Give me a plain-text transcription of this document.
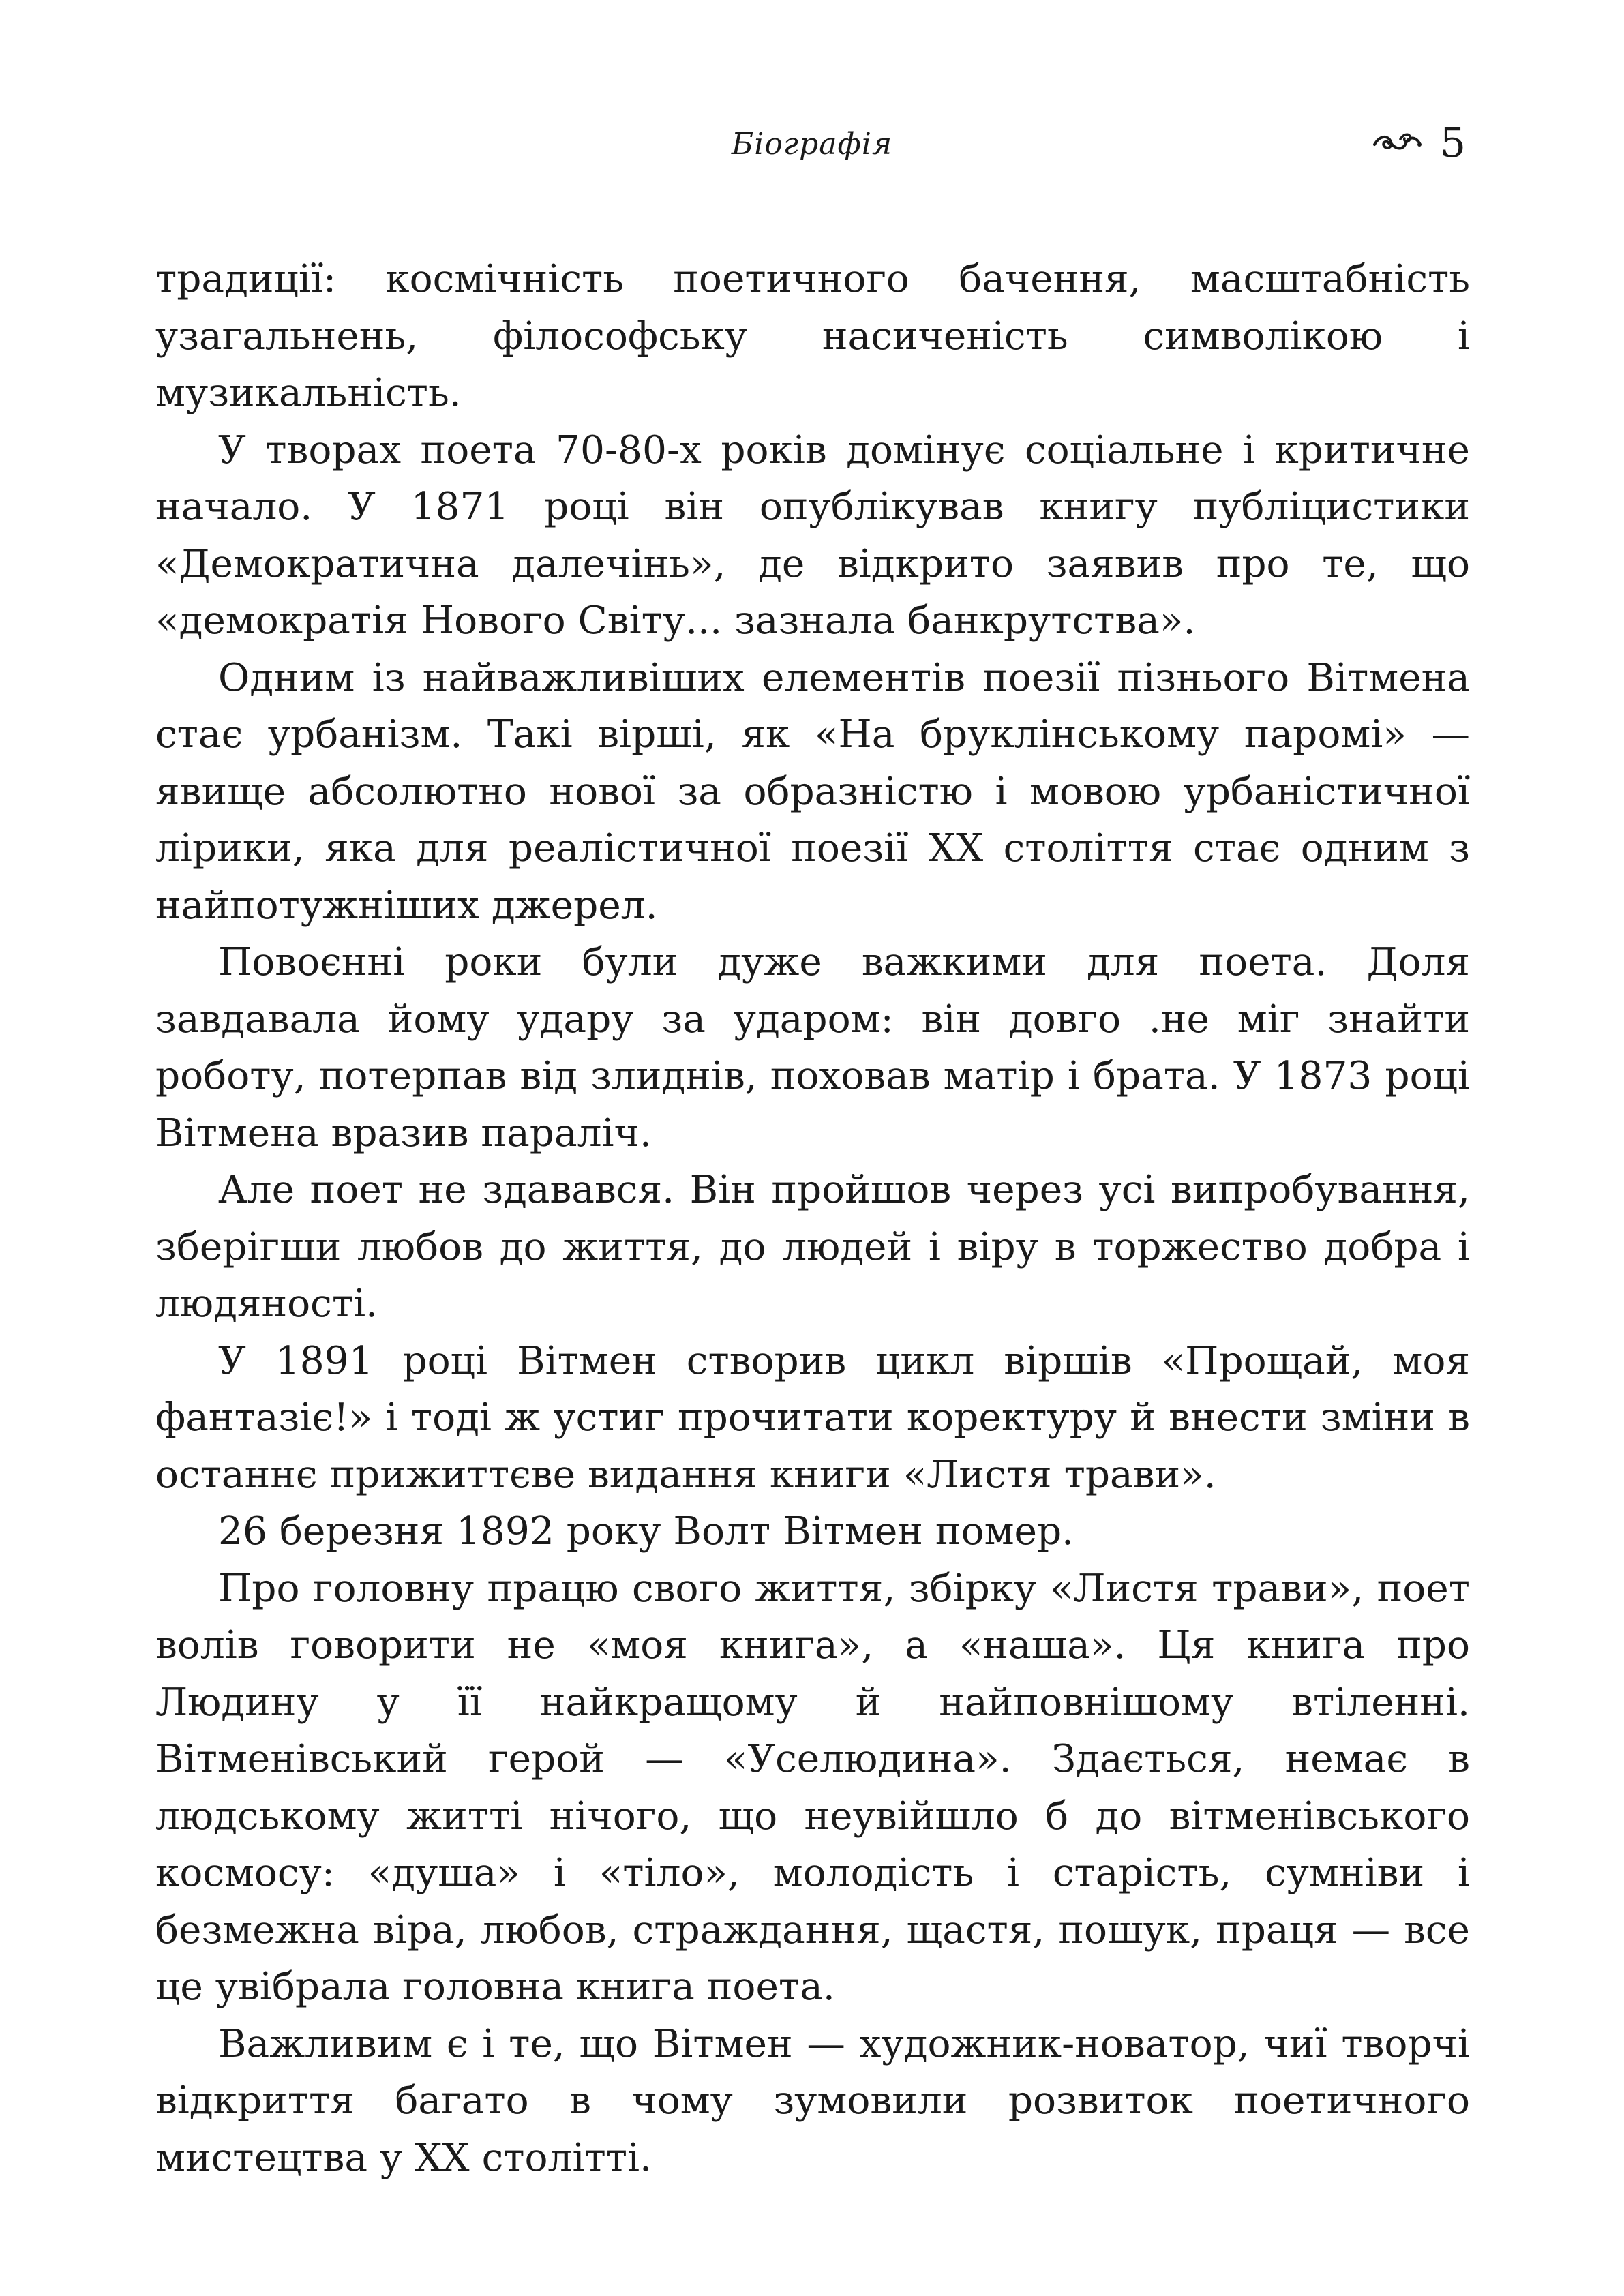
Біографія	5

традиції: космічність поетичного бачення, масштабність узагальнень, філософську насиченість символікою і музикальність.

У творах поета 70-80-х років домінує соціальне і критичне начало. У 1871 році він опублікував книгу публіцистики «Демократична далечінь», де відкрито заявив про те, що «демократія Нового Світу... зазнала банкрутства».

Одним із найважливіших елементів поезії пізнього Вітмена стає урбанізм. Такі вірші, як «На бруклінському паромі» — явище абсолютно нової за образністю і мовою урбаністичної лірики, яка для реалістичної поезії XX століття стає одним з найпотужніших джерел.

Повоєнні роки були дуже важкими для поета. Доля завдавала йому удару за ударом: він довго .не міг знайти роботу, потерпав від злиднів, поховав матір і брата. У 1873 році Вітмена вразив параліч.

Але поет не здавався. Він пройшов через усі випробування, зберігши любов до життя, до людей і віру в торжество добра і людяності.

У 1891 році Вітмен створив цикл віршів «Прощай, моя фантазіє!» і тоді ж устиг прочитати коректуру й внести зміни в останнє прижиттєве видання книги «Листя трави».

26 березня 1892 року Волт Вітмен помер.

Про головну працю свого життя, збірку «Листя трави», поет волів говорити не «моя книга», а «наша». Ця книга про Людину у її найкращому й найповнішому втіленні. Вітменівський герой — «Уселюдина». Здається, немає в людському житті нічого, що неувійшло б до вітменівського космосу: «душа» і «тіло», молодість і старість, сумніви і безмежна віра, любов, страждання, щастя, пошук, праця — все це увібрала головна книга поета.

Важливим є і те, що Вітмен — художник-новатор, чиї творчі відкриття багато в чому зумовили розвиток поетичного мистецтва у XX столітті.
